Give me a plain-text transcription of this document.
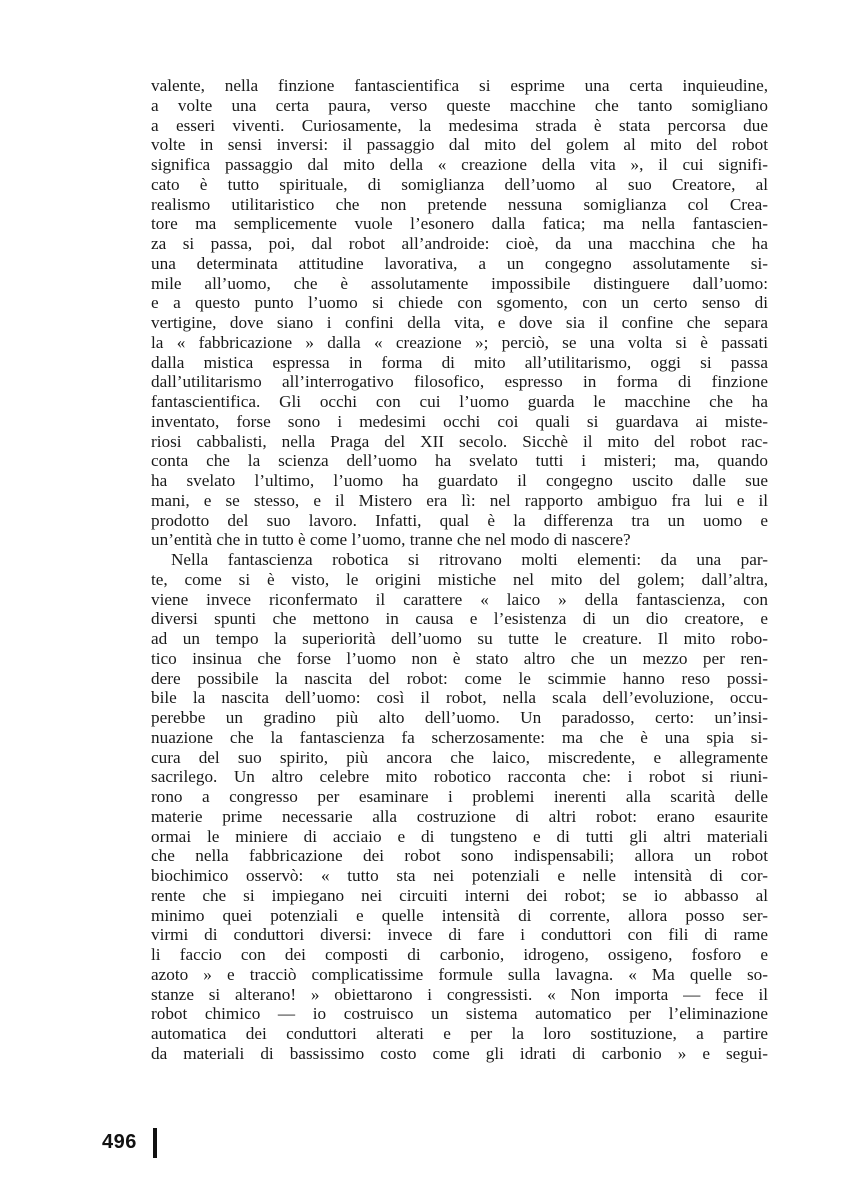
valente, nella finzione fantascientifica si esprime una certa inquieudine,
a volte una certa paura, verso queste macchine che tanto somigliano
a esseri viventi. Curiosamente, la medesima strada è stata percorsa due
volte in sensi inversi: il passaggio dal mito del golem al mito del robot
significa passaggio dal mito della « creazione della vita », il cui signifi-
cato è tutto spirituale, di somiglianza dell’uomo al suo Creatore, al
realismo utilitaristico che non pretende nessuna somiglianza col Crea-
tore ma semplicemente vuole l’esonero dalla fatica; ma nella fantascien-
za si passa, poi, dal robot all’androide: cioè, da una macchina che ha
una determinata attitudine lavorativa, a un congegno assolutamente si-
mile all’uomo, che è assolutamente impossibile distinguere dall’uomo:
e a questo punto l’uomo si chiede con sgomento, con un certo senso di
vertigine, dove siano i confini della vita, e dove sia il confine che separa
la « fabbricazione » dalla « creazione »; perciò, se una volta si è passati
dalla mistica espressa in forma di mito all’utilitarismo, oggi si passa
dall’utilitarismo all’interrogativo filosofico, espresso in forma di finzione
fantascientifica. Gli occhi con cui l’uomo guarda le macchine che ha
inventato, forse sono i medesimi occhi coi quali si guardava ai miste-
riosi cabbalisti, nella Praga del XII secolo. Sicchè il mito del robot rac-
conta che la scienza dell’uomo ha svelato tutti i misteri; ma, quando
ha svelato l’ultimo, l’uomo ha guardato il congegno uscito dalle sue
mani, e se stesso, e il Mistero era lì: nel rapporto ambiguo fra lui e il
prodotto del suo lavoro. Infatti, qual è la differenza tra un uomo e
un’entità che in tutto è come l’uomo, tranne che nel modo di nascere?
Nella fantascienza robotica si ritrovano molti elementi: da una par-
te, come si è visto, le origini mistiche nel mito del golem; dall’altra,
viene invece riconfermato il carattere « laico » della fantascienza, con
diversi spunti che mettono in causa e l’esistenza di un dio creatore, e
ad un tempo la superiorità dell’uomo su tutte le creature. Il mito robo-
tico insinua che forse l’uomo non è stato altro che un mezzo per ren-
dere possibile la nascita del robot: come le scimmie hanno reso possi-
bile la nascita dell’uomo: così il robot, nella scala dell’evoluzione, occu-
perebbe un gradino più alto dell’uomo. Un paradosso, certo: un’insi-
nuazione che la fantascienza fa scherzosamente: ma che è una spia si-
cura del suo spirito, più ancora che laico, miscredente, e allegramente
sacrilego. Un altro celebre mito robotico racconta che: i robot si riuni-
rono a congresso per esaminare i problemi inerenti alla scarità delle
materie prime necessarie alla costruzione di altri robot: erano esaurite
ormai le miniere di acciaio e di tungsteno e di tutti gli altri materiali
che nella fabbricazione dei robot sono indispensabili; allora un robot
biochimico osservò: « tutto sta nei potenziali e nelle intensità di cor-
rente che si impiegano nei circuiti interni dei robot; se io abbasso al
minimo quei potenziali e quelle intensità di corrente, allora posso ser-
virmi di conduttori diversi: invece di fare i conduttori con fili di rame
li faccio con dei composti di carbonio, idrogeno, ossigeno, fosforo e
azoto » e tracciò complicatissime formule sulla lavagna. « Ma quelle so-
stanze si alterano! » obiettarono i congressisti. « Non importa — fece il
robot chimico — io costruisco un sistema automatico per l’eliminazione
automatica dei conduttori alterati e per la loro sostituzione, a partire
da materiali di bassissimo costo come gli idrati di carbonio » e segui-
496
